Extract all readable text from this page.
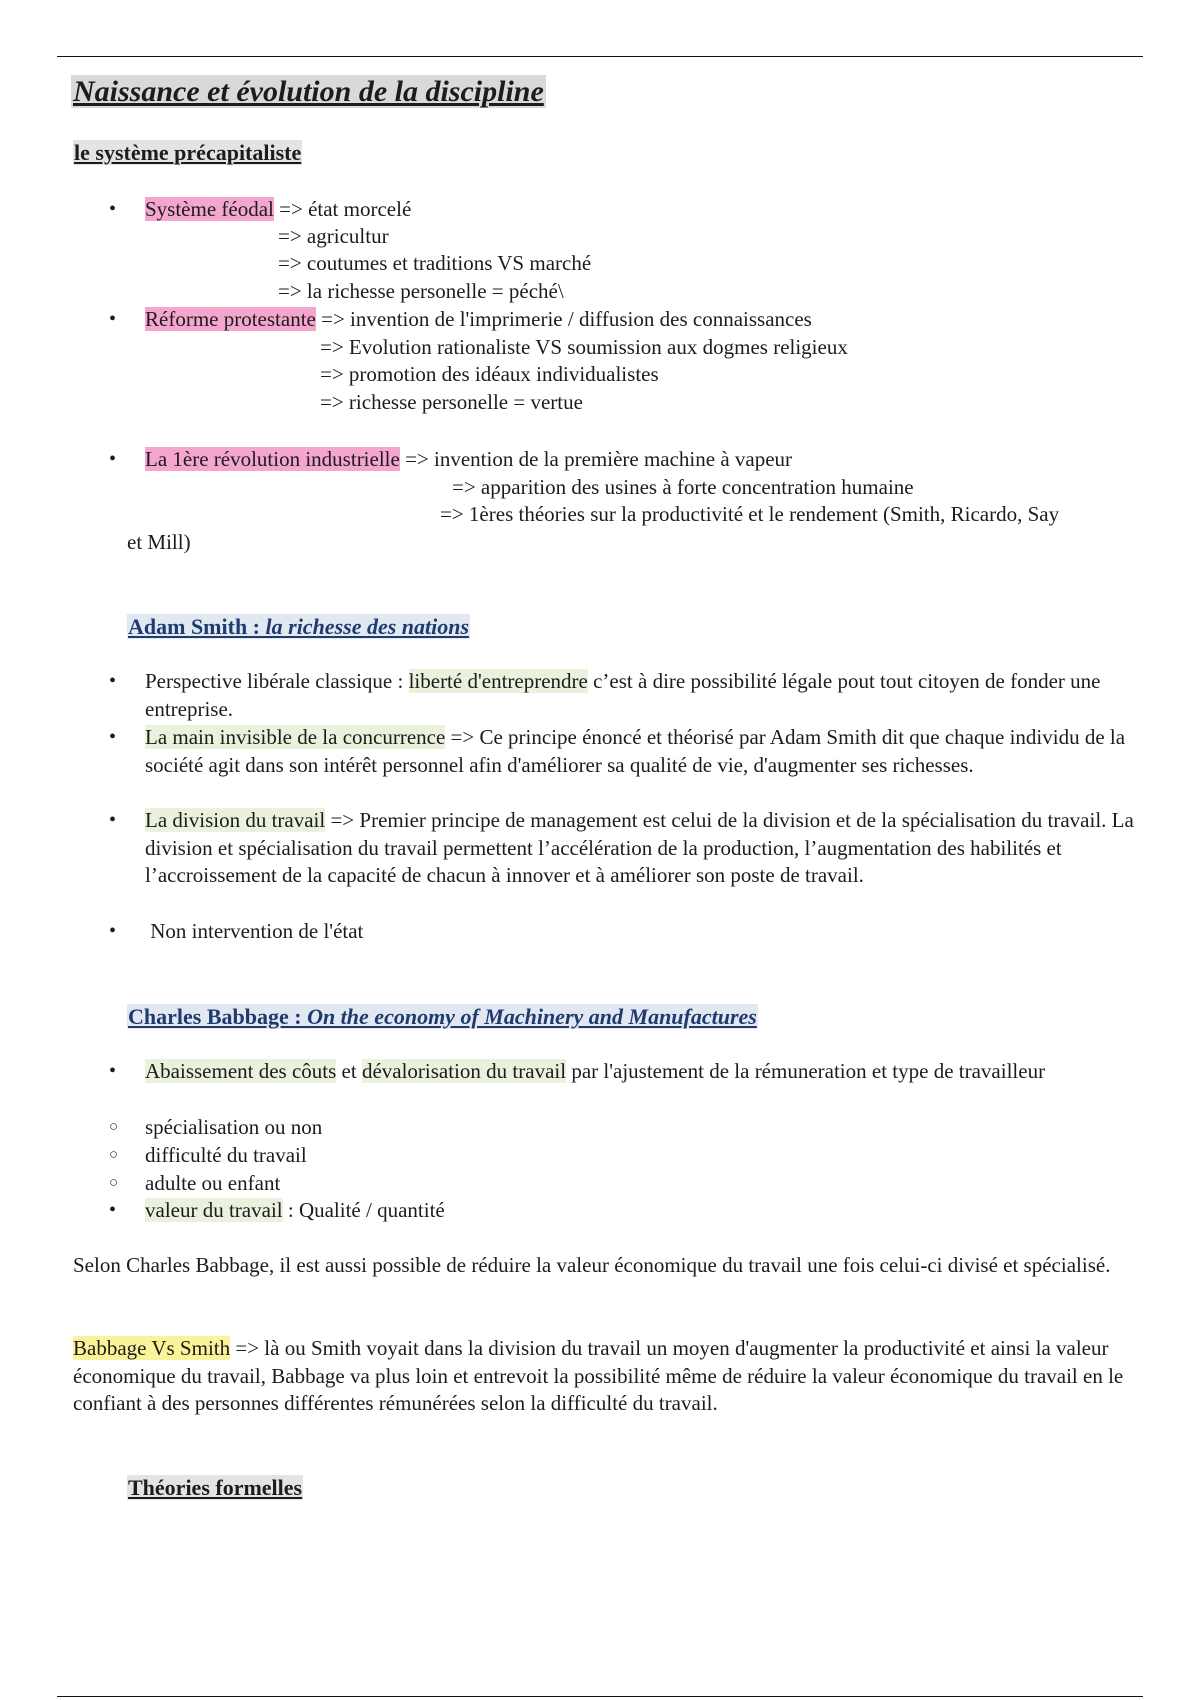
Naissance et évolution de la discipline
le système précapitaliste
• Système féodal => état morcelé
=> agricultur
=> coutumes et traditions VS marché
=> la richesse personelle = péché\
• Réforme protestante => invention de l'imprimerie / diffusion des connaissances
=> Evolution rationaliste VS soumission aux dogmes religieux
=> promotion des idéaux individualistes
=> richesse personelle = vertue
• La 1ère révolution industrielle => invention de la première machine à vapeur
=> apparition des usines à forte concentration humaine
=> 1ères théories sur la productivité et le rendement (Smith, Ricardo, Say
et Mill)
Adam Smith : la richesse des nations
• Perspective libérale classique : liberté d'entreprendre c’est à dire possibilité légale pout tout citoyen de fonder une entreprise.
• La main invisible de la concurrence => Ce principe énoncé et théorisé par Adam Smith dit que chaque individu de la société agit dans son intérêt personnel afin d'améliorer sa qualité de vie, d'augmenter ses richesses.
• La division du travail => Premier principe de management est celui de la division et de la spécialisation du travail. La division et spécialisation du travail permettent l’accélération de la production, l’augmentation des habilités et l’accroissement de la capacité de chacun à innover et à améliorer son poste de travail.
• Non intervention de l'état
Charles Babbage : On the economy of Machinery and Manufactures
• Abaissement des côuts et dévalorisation du travail par l'ajustement de la rémuneration et type de travailleur
○ spécialisation ou non
○ difficulté du travail
○ adulte ou enfant
• valeur du travail : Qualité / quantité
Selon Charles Babbage, il est aussi possible de réduire la valeur économique du travail une fois celui-ci divisé et spécialisé.
Babbage Vs Smith => là ou Smith voyait dans la division du travail un moyen d'augmenter la productivité et ainsi la valeur économique du travail, Babbage va plus loin et entrevoit la possibilité même de réduire la valeur économique du travail en le confiant à des personnes différentes rémunérées selon la difficulté du travail.
Théories formelles
